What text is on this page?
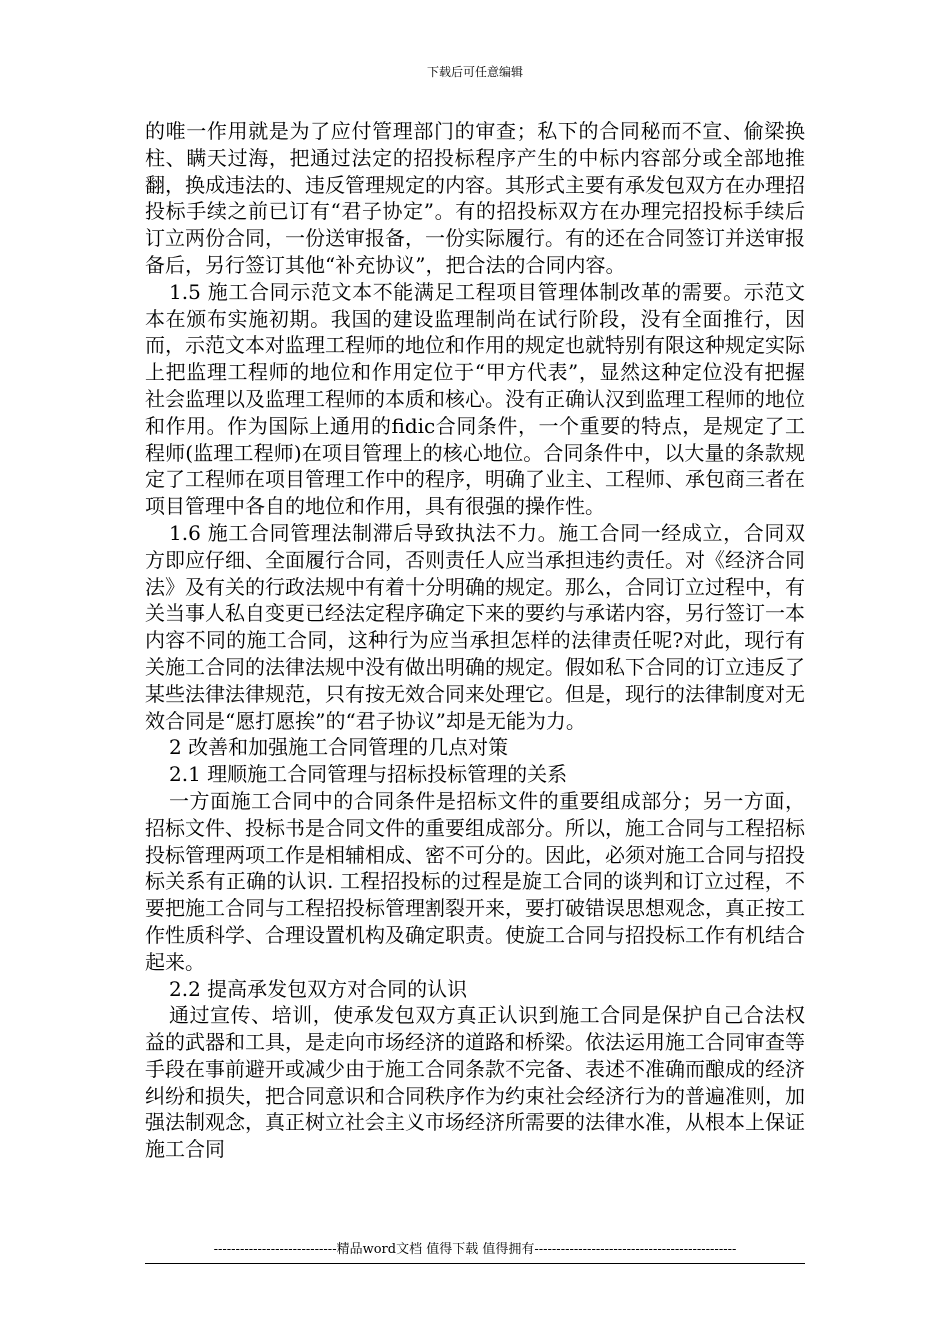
下载后可任意编辑

的唯一作用就是为了应付管理部门的审查；私下的合同秘而不宣、偷梁换柱、瞒天过海，把通过法定的招投标程序产生的中标内容部分或全部地推翻，换成违法的、违反管理规定的内容。其形式主要有承发包双方在办理招投标手续之前已订有“君子协定”。有的招投标双方在办理完招投标手续后订立两份合同，一份送审报备，一份实际履行。有的还在合同签订并送审报备后，另行签订其他“补充协议”，把合法的合同内容。

1.5 施工合同示范文本不能满足工程项目管理体制改革的需要。示范文本在颁布实施初期。我国的建设监理制尚在试行阶段，没有全面推行，因而，示范文本对监理工程师的地位和作用的规定也就特别有限这种规定实际上把监理工程师的地位和作用定位于“甲方代表”，显然这种定位没有把握社会监理以及监理工程师的本质和核心。没有正确认汉到监理工程师的地位和作用。作为国际上通用的fidic合同条件，一个重要的特点，是规定了工程师(监理工程师)在项目管理上的核心地位。合同条件中，以大量的条款规定了工程师在项目管理工作中的程序，明确了业主、工程师、承包商三者在项目管理中各自的地位和作用，具有很强的操作性。

1.6 施工合同管理法制滞后导致执法不力。施工合同一经成立，合同双方即应仔细、全面履行合同，否则责任人应当承担违约责任。对《经济合同法》及有关的行政法规中有着十分明确的规定。那么，合同订立过程中，有关当事人私自变更已经法定程序确定下来的要约与承诺内容，另行签订一本内容不同的施工合同，这种行为应当承担怎样的法律责任呢?对此，现行有关施工合同的法律法规中没有做出明确的规定。假如私下合同的订立违反了某些法律法律规范，只有按无效合同来处理它。但是，现行的法律制度对无效合同是“愿打愿挨”的“君子协议”却是无能为力。

2 改善和加强施工合同管理的几点对策

2.1 理顺施工合同管理与招标投标管理的关系

一方面施工合同中的合同条件是招标文件的重要组成部分；另一方面，招标文件、投标书是合同文件的重要组成部分。所以，施工合同与工程招标投标管理两项工作是相辅相成、密不可分的。因此，必须对施工合同与招投标关系有正确的认识. 工程招投标的过程是旋工合同的谈判和订立过程，不要把施工合同与工程招投标管理割裂开来，要打破错误思想观念，真正按工作性质科学、合理设置机构及确定职责。使旋工合同与招投标工作有机结合起来。

2.2 提高承发包双方对合同的认识

通过宣传、培训，使承发包双方真正认识到施工合同是保护自己合法权益的武器和工具，是走向市场经济的道路和桥梁。依法运用施工合同审查等手段在事前避开或减少由于施工合同条款不完备、表述不准确而酿成的经济纠纷和损失，把合同意识和合同秩序作为约束社会经济行为的普遍准则，加强法制观念，真正树立社会主义市场经济所需要的法律水准，从根本上保证施工合同

----------------------------精品word文档 值得下载 值得拥有----------------------------------------------
